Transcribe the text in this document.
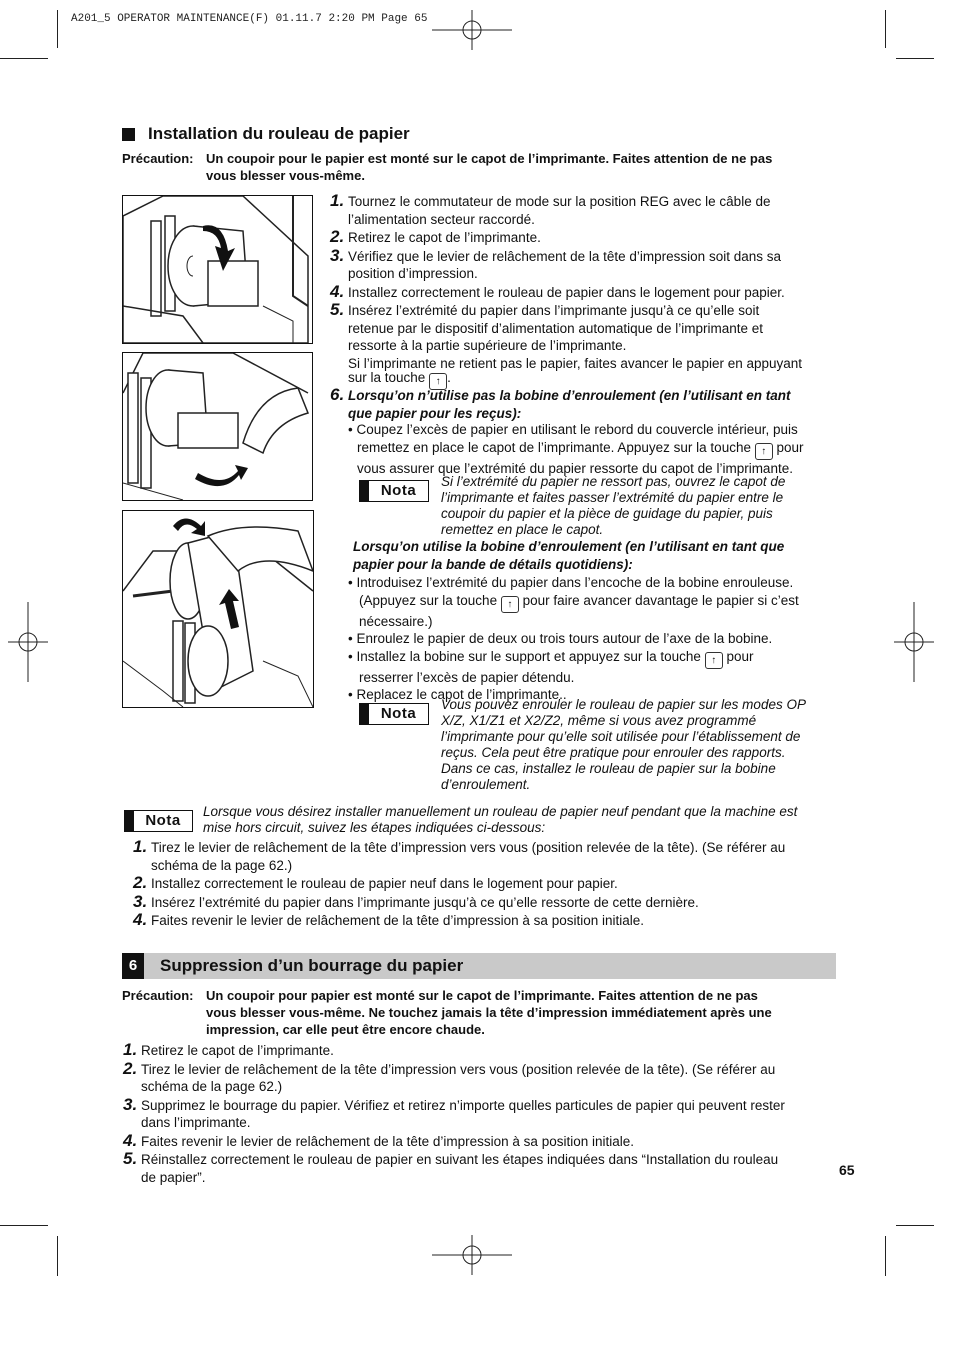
A201_5 OPERATOR MAINTENANCE(F) 01.11.7 2:20 PM Page 65
Installation du rouleau de papier
Précaution: Un coupoir pour le papier est monté sur le capot de l’imprimante. Faites attention de ne pas
vous blesser vous-même.
1. Tournez le commutateur de mode sur la position REG avec le câble de
l’alimentation secteur raccordé.
2. Retirez le capot de l’imprimante.
3. Vérifiez que le levier de relâchement de la tête d’impression soit dans sa
position d’impression.
4. Installez correctement le rouleau de papier dans le logement pour papier.
5. Insérez l’extrémité du papier dans l’imprimante jusqu’à ce qu’elle soit
retenue par le dispositif d’alimentation automatique de l’imprimante et
ressorte à la partie supérieure de l’imprimante.
Si l’imprimante ne retient pas le papier, faites avancer le papier en appuyant
sur la touche ↑ .
6. Lorsqu’on n’utilise pas la bobine d’enroulement (en l’utilisant en tant
que papier pour les reçus):
• Coupez l’excès de papier en utilisant le rebord du couvercle intérieur, puis
remettez en place le capot de l’imprimante. Appuyez sur la touche ↑ pour
vous assurer que l’extrémité du papier ressorte du capot de l’imprimante.
Nota
Si l’extrémité du papier ne ressort pas, ouvrez le capot de
l’imprimante et faites passer l’extrémité du papier entre le
coupoir du papier et la pièce de guidage du papier, puis
remettez en place le capot.
Lorsqu’on utilise la bobine d’enroulement (en l’utilisant en tant que
papier pour la bande de détails quotidiens):
• Introduisez l’extrémité du papier dans l’encoche de la bobine enrouleuse.
(Appuyez sur la touche ↑ pour faire avancer davantage le papier si c’est
nécessaire.)
• Enroulez le papier de deux ou trois tours autour de l’axe de la bobine.
• Installez la bobine sur le support et appuyez sur la touche ↑ pour
resserrer l’excès de papier détendu.
• Replacez le capot de l’imprimante..
Nota
Vous pouvez enrouler le rouleau de papier sur les modes OP
X/Z, X1/Z1 et X2/Z2, même si vous avez programmé
l’imprimante pour qu’elle soit utilisée pour l’établissement de
reçus. Cela peut être pratique pour enrouler des rapports.
Dans ce cas, installez le rouleau de papier sur la bobine
d’enroulement.
Nota
Lorsque vous désirez installer manuellement un rouleau de papier neuf pendant que la machine est
mise hors circuit, suivez les étapes indiquées ci-dessous:
1. Tirez le levier de relâchement de la tête d’impression vers vous (position relevée de la tête). (Se référer au
schéma de la page 62.)
2. Installez correctement le rouleau de papier neuf dans le logement pour papier.
3. Insérez l’extrémité du papier dans l’imprimante jusqu’à ce qu’elle ressorte de cette dernière.
4. Faites revenir le levier de relâchement de la tête d’impression à sa position initiale.
6	Suppression d’un bourrage du papier
Précaution: Un coupoir pour papier est monté sur le capot de l’imprimante. Faites attention de ne pas
vous blesser vous-même. Ne touchez jamais la tête d’impression immédiatement après une
impression, car elle peut être encore chaude.
1. Retirez le capot de l’imprimante.
2. Tirez le levier de relâchement de la tête d’impression vers vous (position relevée de la tête). (Se référer au
schéma de la page 62.)
3. Supprimez le bourrage du papier. Vérifiez et retirez n’importe quelles particules de papier qui peuvent rester
dans l’imprimante.
4. Faites revenir le levier de relâchement de la tête d’impression à sa position initiale.
5. Réinstallez correctement le rouleau de papier en suivant les étapes indiquées dans “Installation du rouleau
de papier”.	65
